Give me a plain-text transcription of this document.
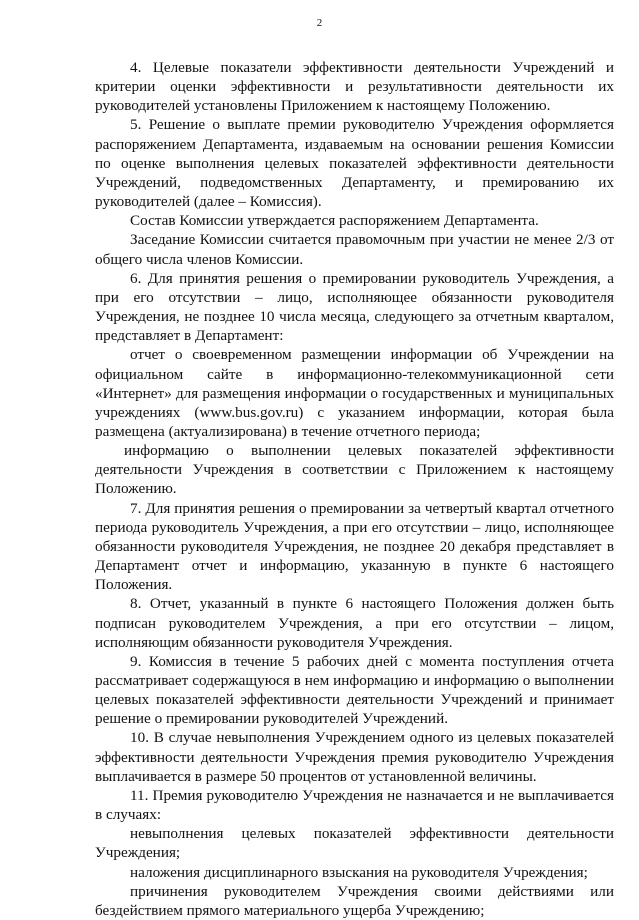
2

4. Целевые показатели эффективности деятельности Учреждений и критерии оценки эффективности и результативности деятельности их руководителей установлены Приложением к настоящему Положению.

5. Решение о выплате премии руководителю Учреждения оформляется распоряжением Департамента, издаваемым на основании решения Комиссии по оценке выполнения целевых показателей эффективности деятельности Учреждений, подведомственных Департаменту, и премированию их руководителей (далее – Комиссия).

Состав Комиссии утверждается распоряжением Департамента.

Заседание Комиссии считается правомочным при участии не менее 2/3 от общего числа членов Комиссии.

6. Для принятия решения о премировании руководитель Учреждения, а при его отсутствии – лицо, исполняющее обязанности руководителя Учреждения, не позднее 10 числа месяца, следующего за отчетным кварталом, представляет в Департамент:

отчет о своевременном размещении информации об Учреждении на официальном сайте в информационно-телекоммуникационной сети «Интернет» для размещения информации о государственных и муниципальных учреждениях (www.bus.gov.ru) с указанием информации, которая была размещена (актуализирована) в течение отчетного периода;

информацию о выполнении целевых показателей эффективности деятельности Учреждения в соответствии с Приложением к настоящему Положению.

7. Для принятия решения о премировании за четвертый квартал отчетного периода руководитель Учреждения, а при его отсутствии – лицо, исполняющее обязанности руководителя Учреждения, не позднее 20 декабря представляет в Департамент отчет и информацию, указанную в пункте 6 настоящего Положения.

8. Отчет, указанный в пункте 6 настоящего Положения должен быть подписан руководителем Учреждения, а при его отсутствии – лицом, исполняющим обязанности руководителя Учреждения.

9. Комиссия в течение 5 рабочих дней с момента поступления отчета рассматривает содержащуюся в нем информацию и информацию о выполнении целевых показателей эффективности деятельности Учреждений и принимает решение о премировании руководителей Учреждений.

10. В случае невыполнения Учреждением одного из целевых показателей эффективности деятельности Учреждения премия руководителю Учреждения выплачивается в размере 50 процентов от установленной величины.

11. Премия руководителю Учреждения не назначается и не выплачивается в случаях:

невыполнения целевых показателей эффективности деятельности Учреждения;

наложения дисциплинарного взыскания на руководителя Учреждения;

причинения руководителем Учреждения своими действиями или бездействием прямого материального ущерба Учреждению;
